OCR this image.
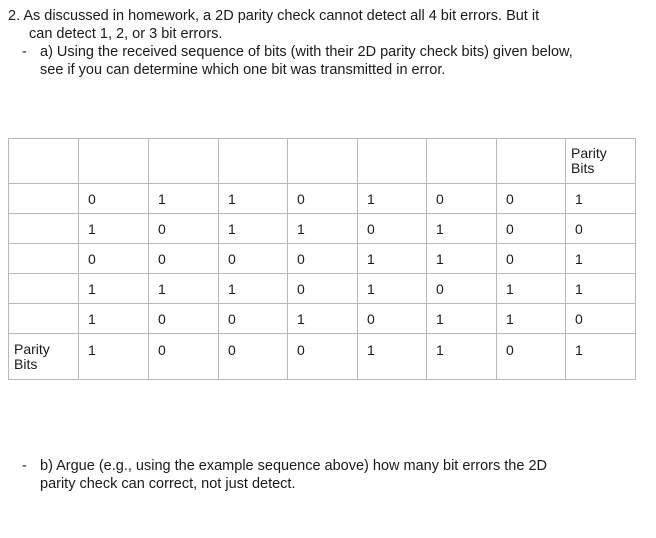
2. As discussed in homework, a 2D parity check cannot detect all 4 bit errors. But it
can detect 1, 2, or 3 bit errors.
- a) Using the received sequence of bits (with their 2D parity check bits) given below,
see if you can determine which one bit was transmitted in error.

								Parity Bits

	0	1	1	0	1	0	0	1

	1	0	1	1	0	1	0	0

	0	0	0	0	1	1	0	1

	1	1	1	0	1	0	1	1

	1	0	0	1	0	1	1	0

Parity Bits	1	0	0	0	1	1	0	1
- b) Argue (e.g., using the example sequence above) how many bit errors the 2D
parity check can correct, not just detect.
